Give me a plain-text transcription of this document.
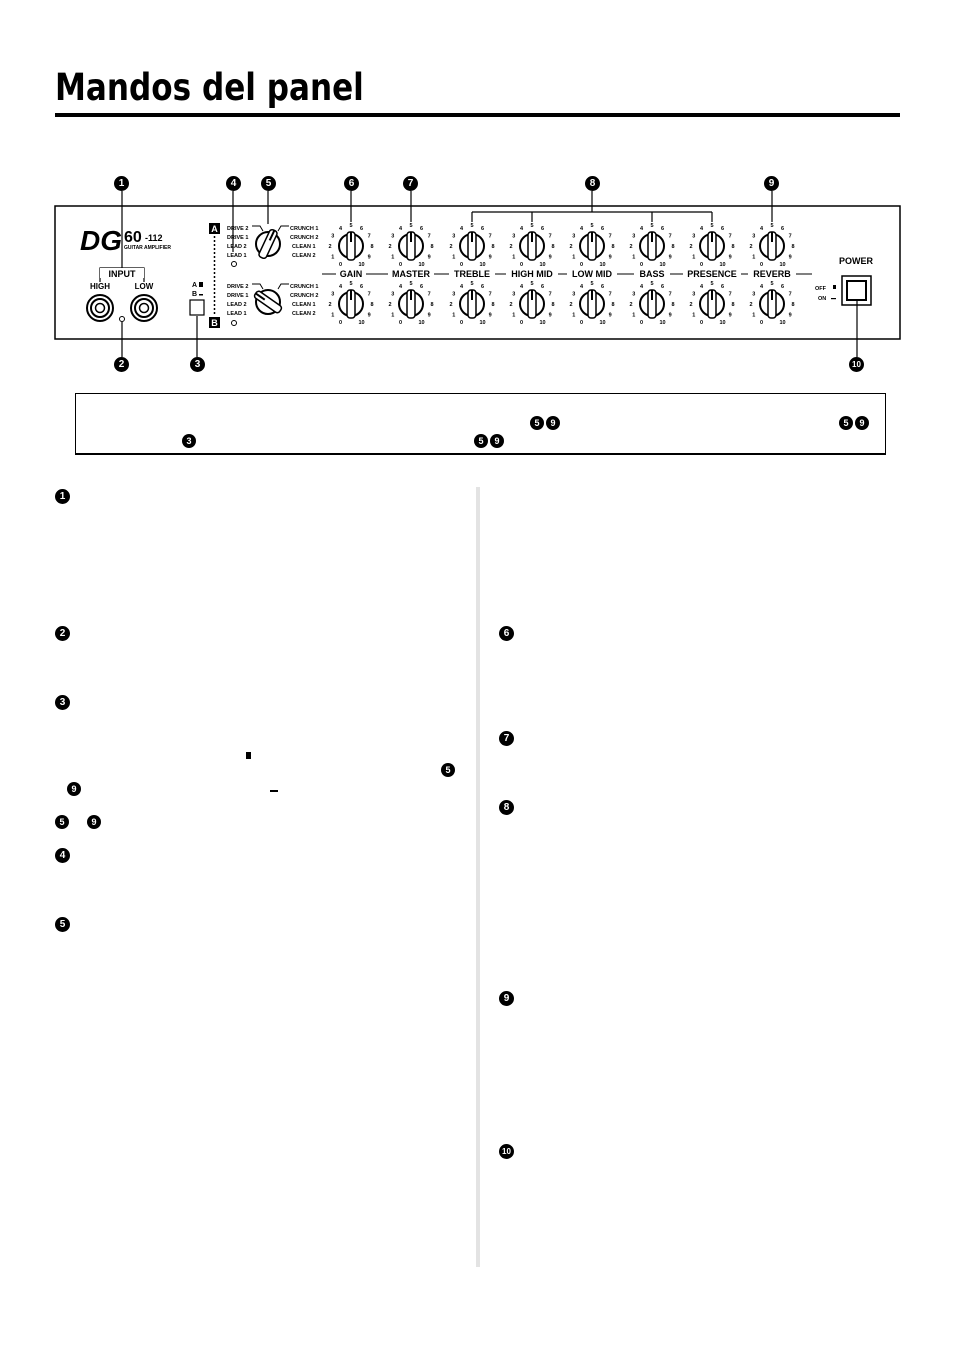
Mandos del panel
1	4	5	6	7	8	9
2	3	10
DG 60 -112
GUITAR AMPLIFIER
INPUT
HIGH	LOW	A
B
A
B
DRIVE 2
DRIVE 1
LEAD 2
LEAD 1
CRUNCH 1
CRUNCH 2
CLEAN 1
CLEAN 2
DRIVE 2
DRIVE 1
LEAD 2
LEAD 1
CRUNCH 1
CRUNCH 2
CLEAN 1
CLEAN 2
GAIN	MASTER	TREBLE HIGH MID LOW MID	BASS	PRESENCE REVERB
0
1
2
3
4 5 6
7
8
9
10	0
1
2
3
4 5 6
7
8
9
10	0
1
2
3
4 5 6
7
8
9
10	0
1
2
3
4 5 6
7
8
9
10	0
1
2
3
4 5 6
7
8
9
10	0
1
2
3
4 5 6
7
8
9
10	0
1
2
3
4 5 6
7
8
9
10	0
1
2
3
4 5 6
7
8
9
10
0
1
2
3
4 5 6
7
8
9
10	0
1
2
3
4 5 6
7
8
9
10	0
1
2
3
4 5 6
7
8
9
10	0
1
2
3
4 5 6
7
8
9
10	0
1
2
3
4 5 6
7
8
9
10	0
1
2
3
4 5 6
7
8
9
10	0
1
2
3
4 5 6
7
8
9
10	0
1
2
3
4 5 6
7
8
9
10
POWER
OFF
ON
5	9	5	9
3	5	9
1
2
3
5
9
5	9
4
5
6
7
8
9
10
